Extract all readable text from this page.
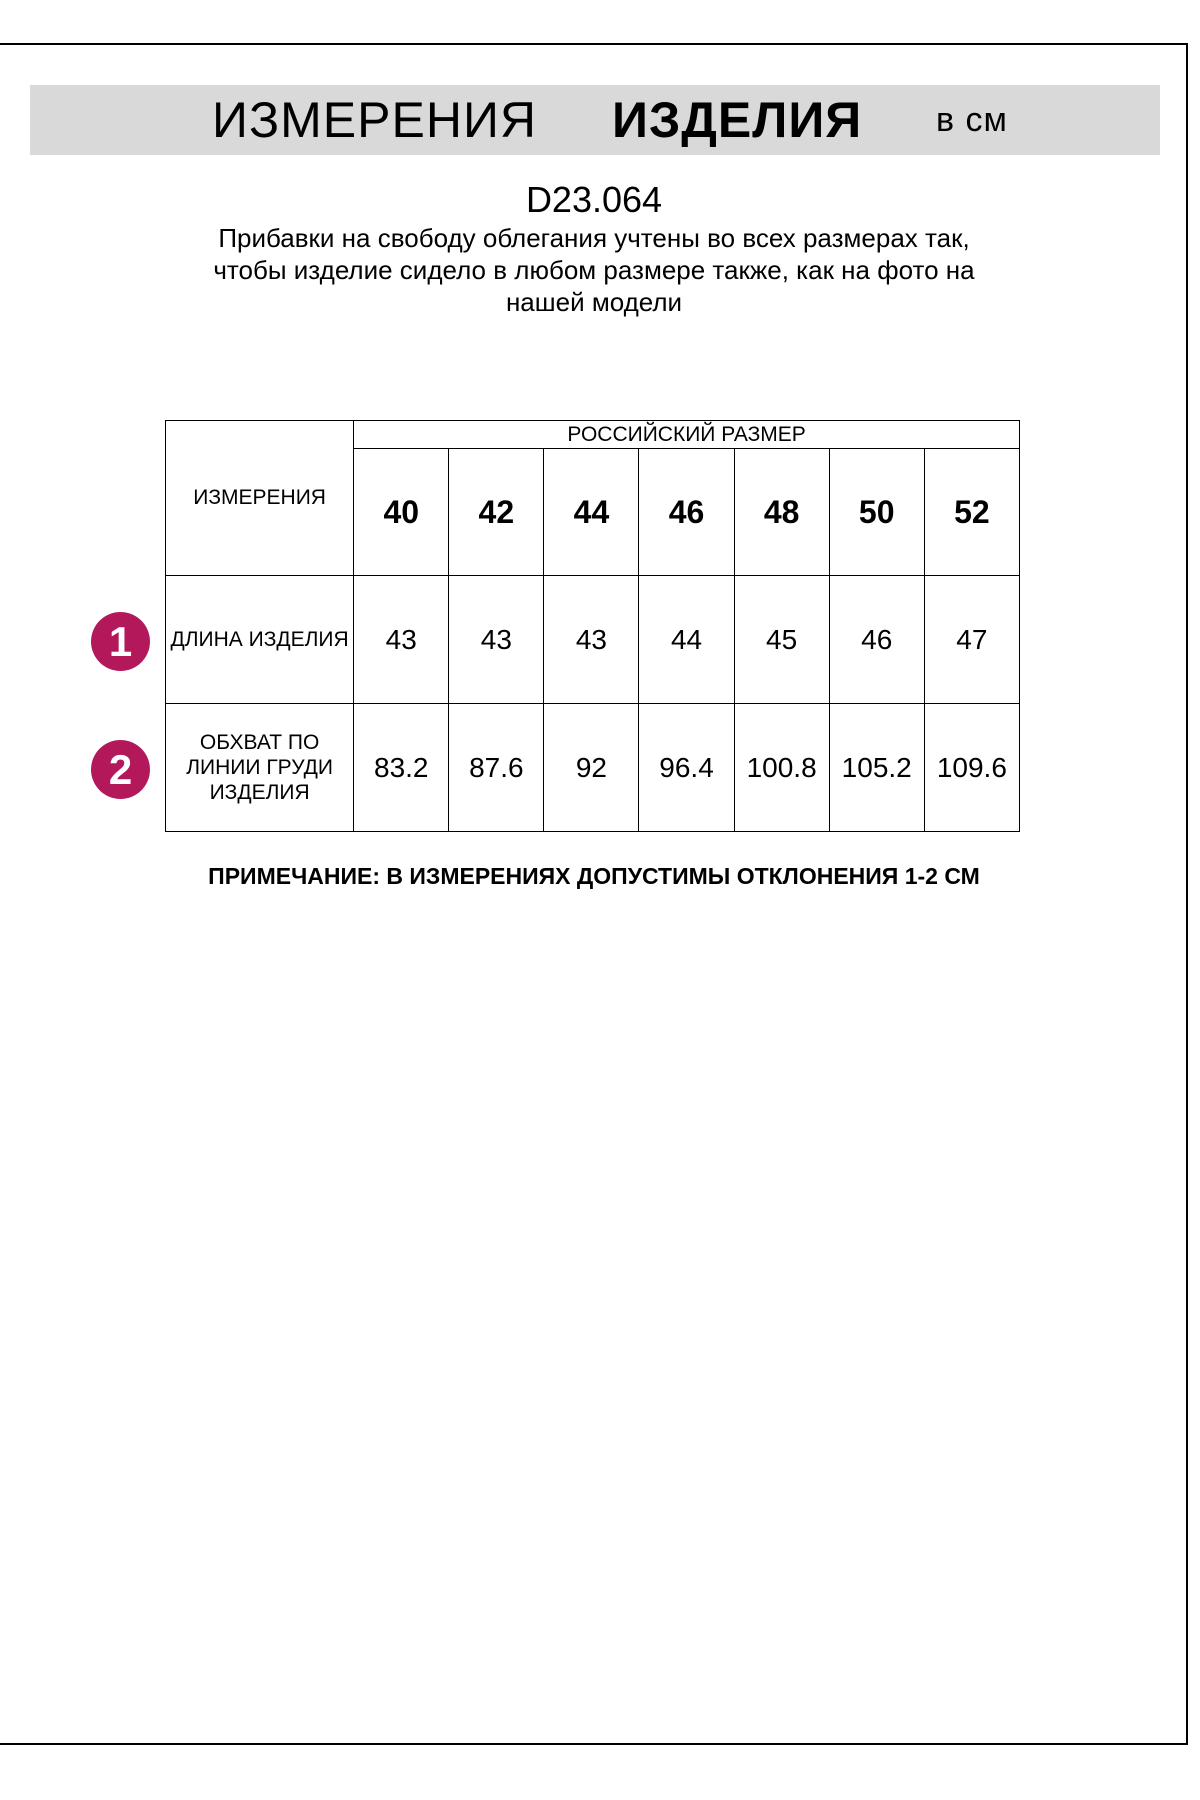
ИЗМЕРЕНИЯ ИЗДЕЛИЯ в см
D23.064
Прибавки на свободу облегания учтены во всех размерах так,
чтобы изделие сидело в любом размере также, как на фото на
нашей модели
ИЗМЕРЕНИЯ	РОССИЙСКИЙ РАЗМЕР						
	40	42	44	46	48	50	52

ДЛИНА ИЗДЕЛИЯ	43	43	43	44	45	46	47

ОБХВАТ ПО
ЛИНИИ ГРУДИ
ИЗДЕЛИЯ	83.2	87.6	92	96.4	100.8	105.2	109.6
1
2
ПРИМЕЧАНИЕ: В ИЗМЕРЕНИЯХ ДОПУСТИМЫ ОТКЛОНЕНИЯ 1-2 СМ
